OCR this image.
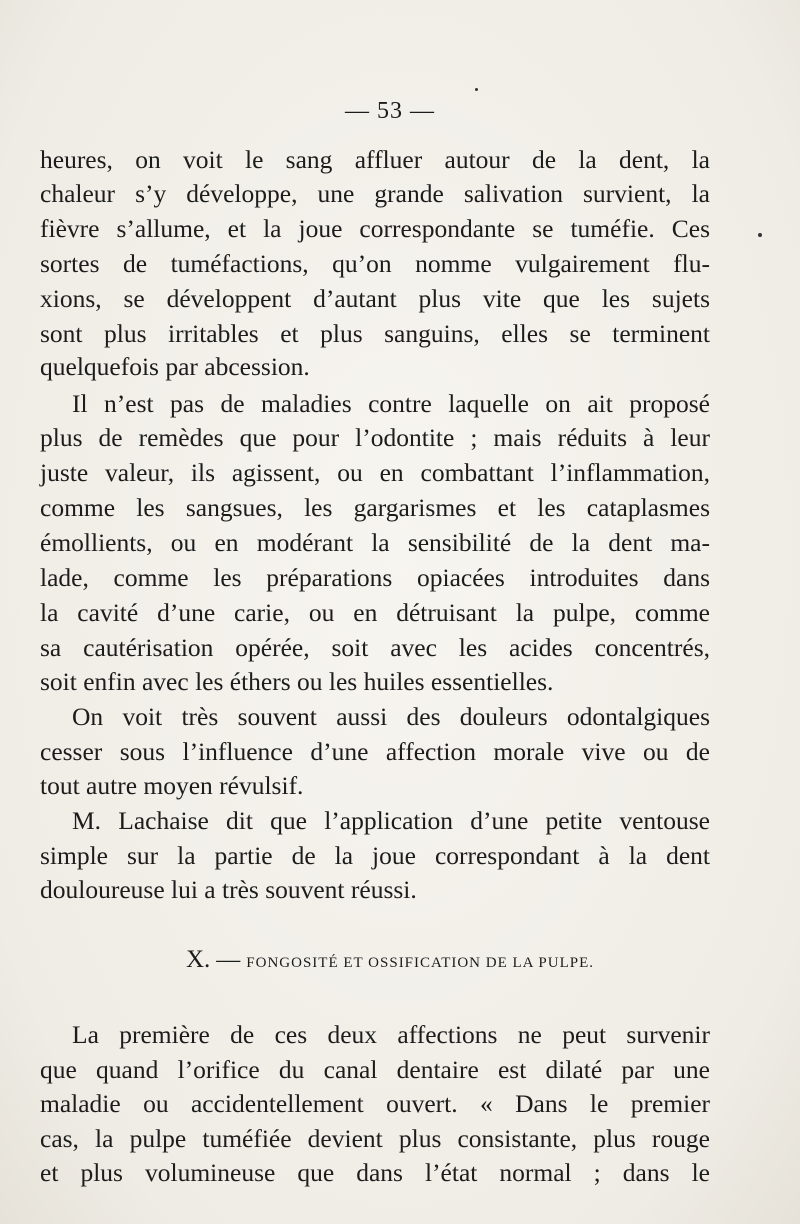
— 53 —
heures, on voit le sang affluer autour de la dent, la
chaleur s’y développe, une grande salivation survient, la
fièvre s’allume, et la joue correspondante se tuméfie. Ces
sortes de tuméfactions, qu’on nomme vulgairement flu-
xions, se développent d’autant plus vite que les sujets
sont plus irritables et plus sanguins, elles se terminent
quelquefois par abcession.
Il n’est pas de maladies contre laquelle on ait proposé
plus de remèdes que pour l’odontite ; mais réduits à leur
juste valeur, ils agissent, ou en combattant l’inflammation,
comme les sangsues, les gargarismes et les cataplasmes
émollients, ou en modérant la sensibilité de la dent ma-
lade, comme les préparations opiacées introduites dans
la cavité d’une carie, ou en détruisant la pulpe, comme
sa cautérisation opérée, soit avec les acides concentrés,
soit enfin avec les éthers ou les huiles essentielles.
On voit très souvent aussi des douleurs odontalgiques
cesser sous l’influence d’une affection morale vive ou de
tout autre moyen révulsif.
M. Lachaise dit que l’application d’une petite ventouse
simple sur la partie de la joue correspondant à la dent
douloureuse lui a très souvent réussi.
X. — FONGOSITÉ ET OSSIFICATION DE LA PULPE.
La première de ces deux affections ne peut survenir
que quand l’orifice du canal dentaire est dilaté par une
maladie ou accidentellement ouvert. « Dans le premier
cas, la pulpe tuméfiée devient plus consistante, plus rouge
et plus volumineuse que dans l’état normal ; dans le
